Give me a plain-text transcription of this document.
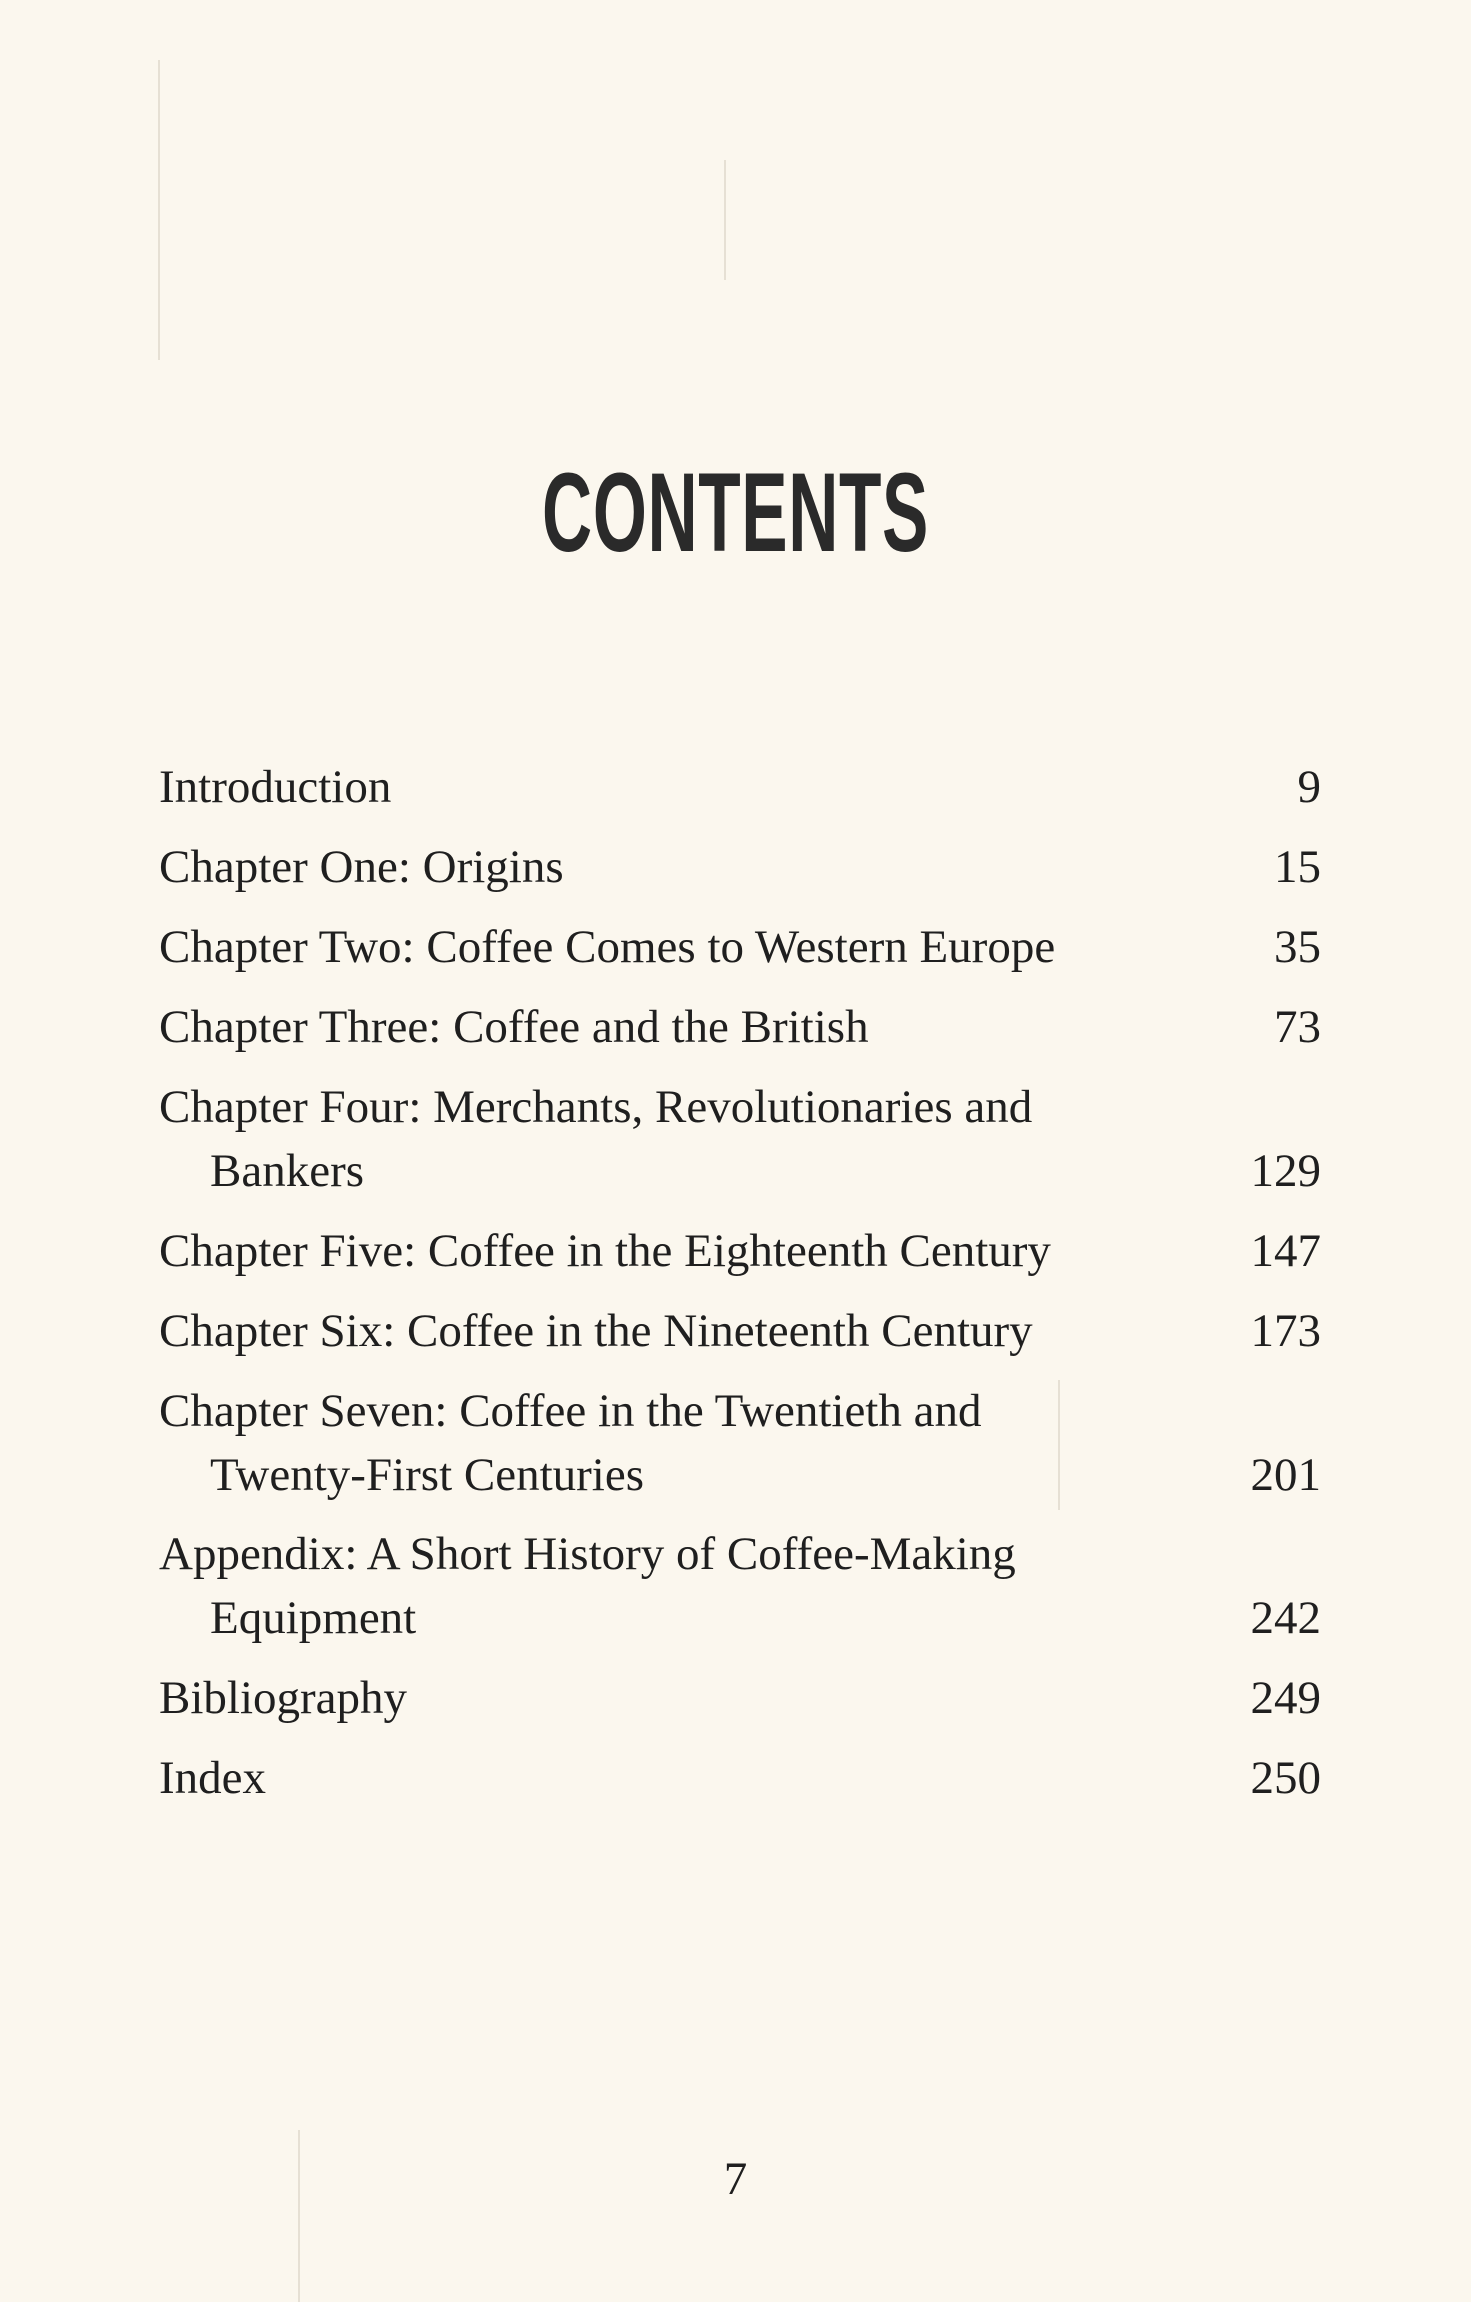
CONTENTS
Introduction	9
Chapter One: Origins	15
Chapter Two: Coffee Comes to Western Europe	35
Chapter Three: Coffee and the British	73
Chapter Four: Merchants, Revolutionaries and
Bankers	129
Chapter Five: Coffee in the Eighteenth Century	147
Chapter Six: Coffee in the Nineteenth Century	173
Chapter Seven: Coffee in the Twentieth and
Twenty-First Centuries	201
Appendix: A Short History of Coffee-Making
Equipment	242
Bibliography	249
Index	250
7
